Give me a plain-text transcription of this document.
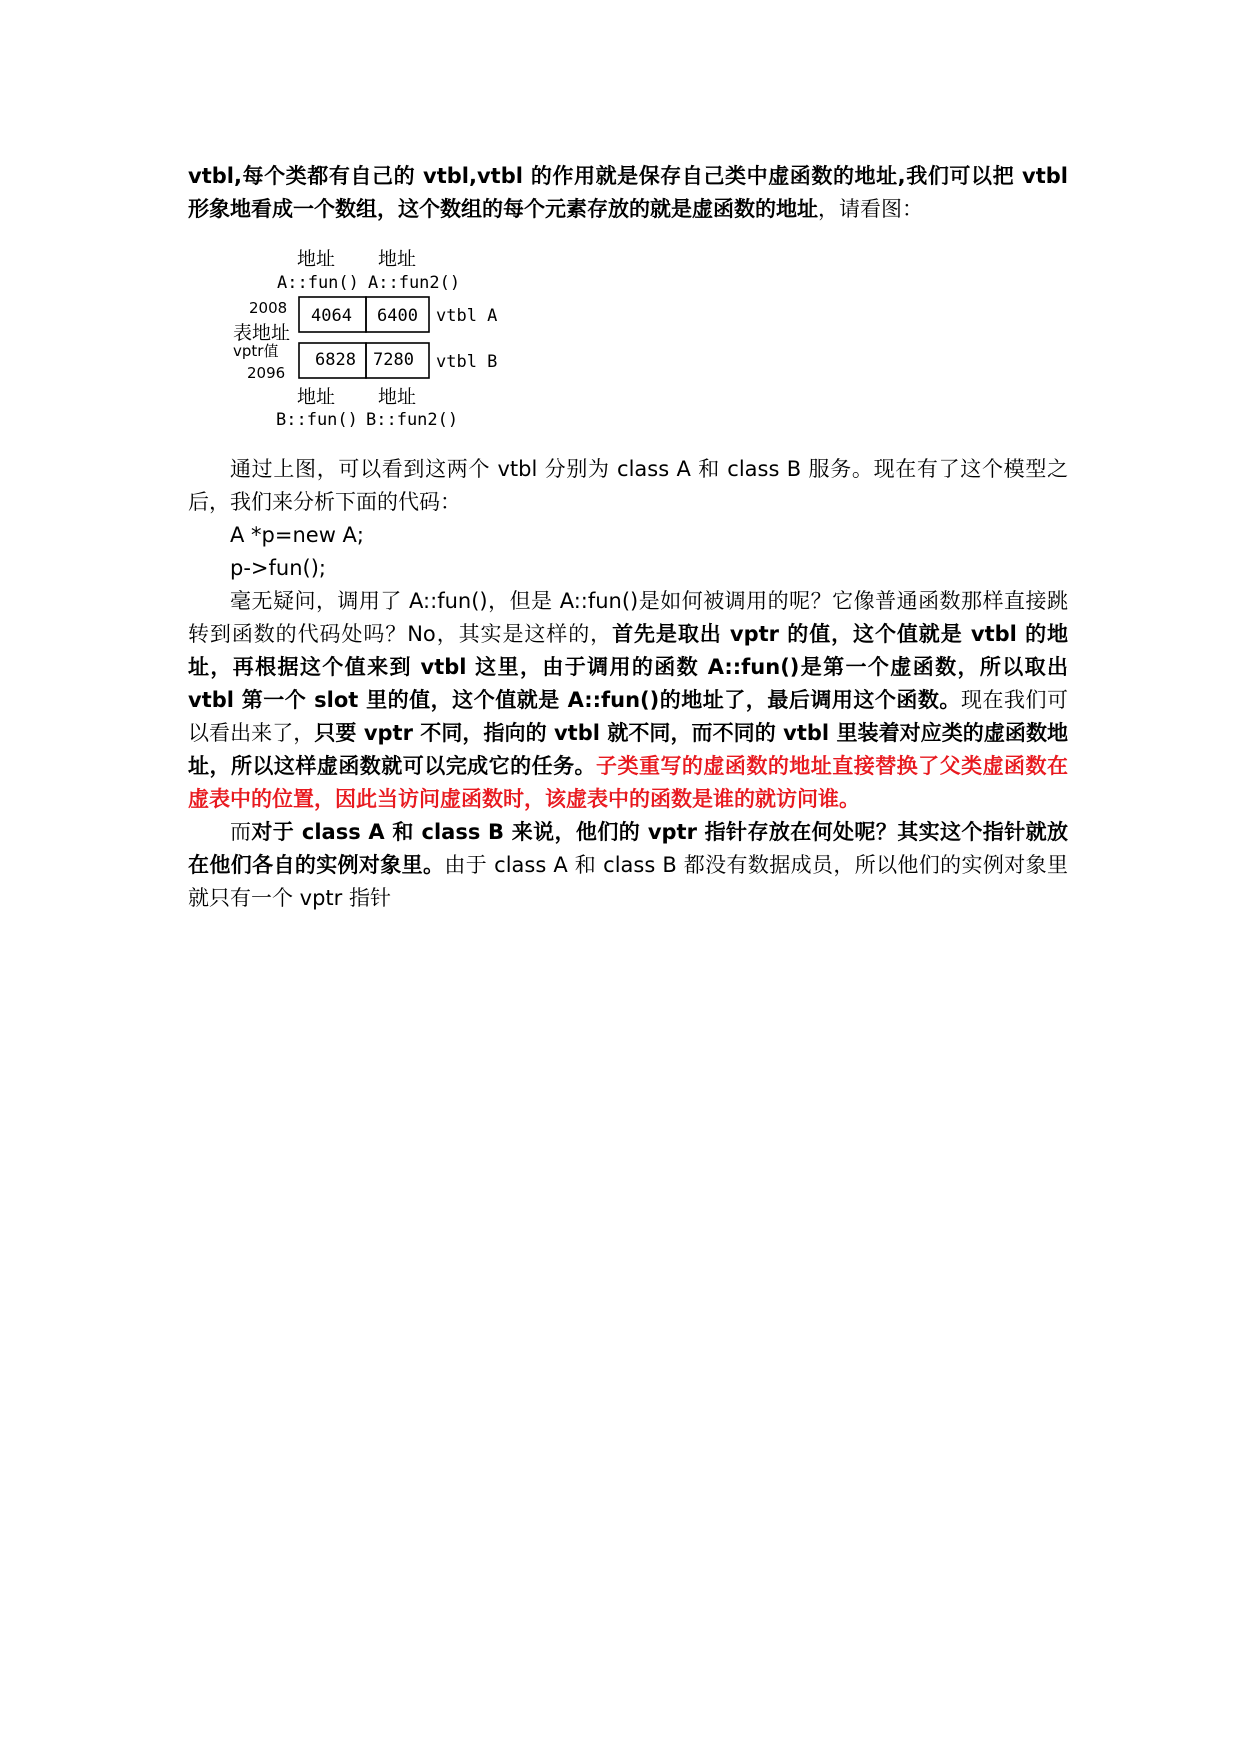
vtbl,每个类都有自己的 vtbl,vtbl 的作用就是保存自己类中虚函数的地址,我们可以把 vtbl 形象地看成一个数组，这个数组的每个元素存放的就是虚函数的地址，请看图：

地址
A::fun()
地址
A::fun2()
2008 4064 6400 vtbl A
表地址
vptr值 6828 7280 vtbl B
2096
地址
B::fun()
地址
B::fun2()

通过上图，可以看到这两个 vtbl 分别为 class A 和 class B 服务。现在有了这个模型之后，我们来分析下面的代码：

A *p=new A;

p->fun();

毫无疑问，调用了 A::fun()，但是 A::fun()是如何被调用的呢？它像普通函数那样直接跳转到函数的代码处吗？No，其实是这样的，首先是取出 vptr 的值，这个值就是 vtbl 的地址，再根据这个值来到 vtbl 这里，由于调用的函数 A::fun()是第一个虚函数，所以取出 vtbl 第一个 slot 里的值，这个值就是 A::fun()的地址了，最后调用这个函数。现在我们可以看出来了，只要 vptr 不同，指向的 vtbl 就不同，而不同的 vtbl 里装着对应类的虚函数地址，所以这样虚函数就可以完成它的任务。子类重写的虚函数的地址直接替换了父类虚函数在虚表中的位置，因此当访问虚函数时，该虚表中的函数是谁的就访问谁。

而对于 class A 和 class B 来说，他们的 vptr 指针存放在何处呢？其实这个指针就放在他们各自的实例对象里。由于 class A 和 class B 都没有数据成员，所以他们的实例对象里就只有一个 vptr 指针
